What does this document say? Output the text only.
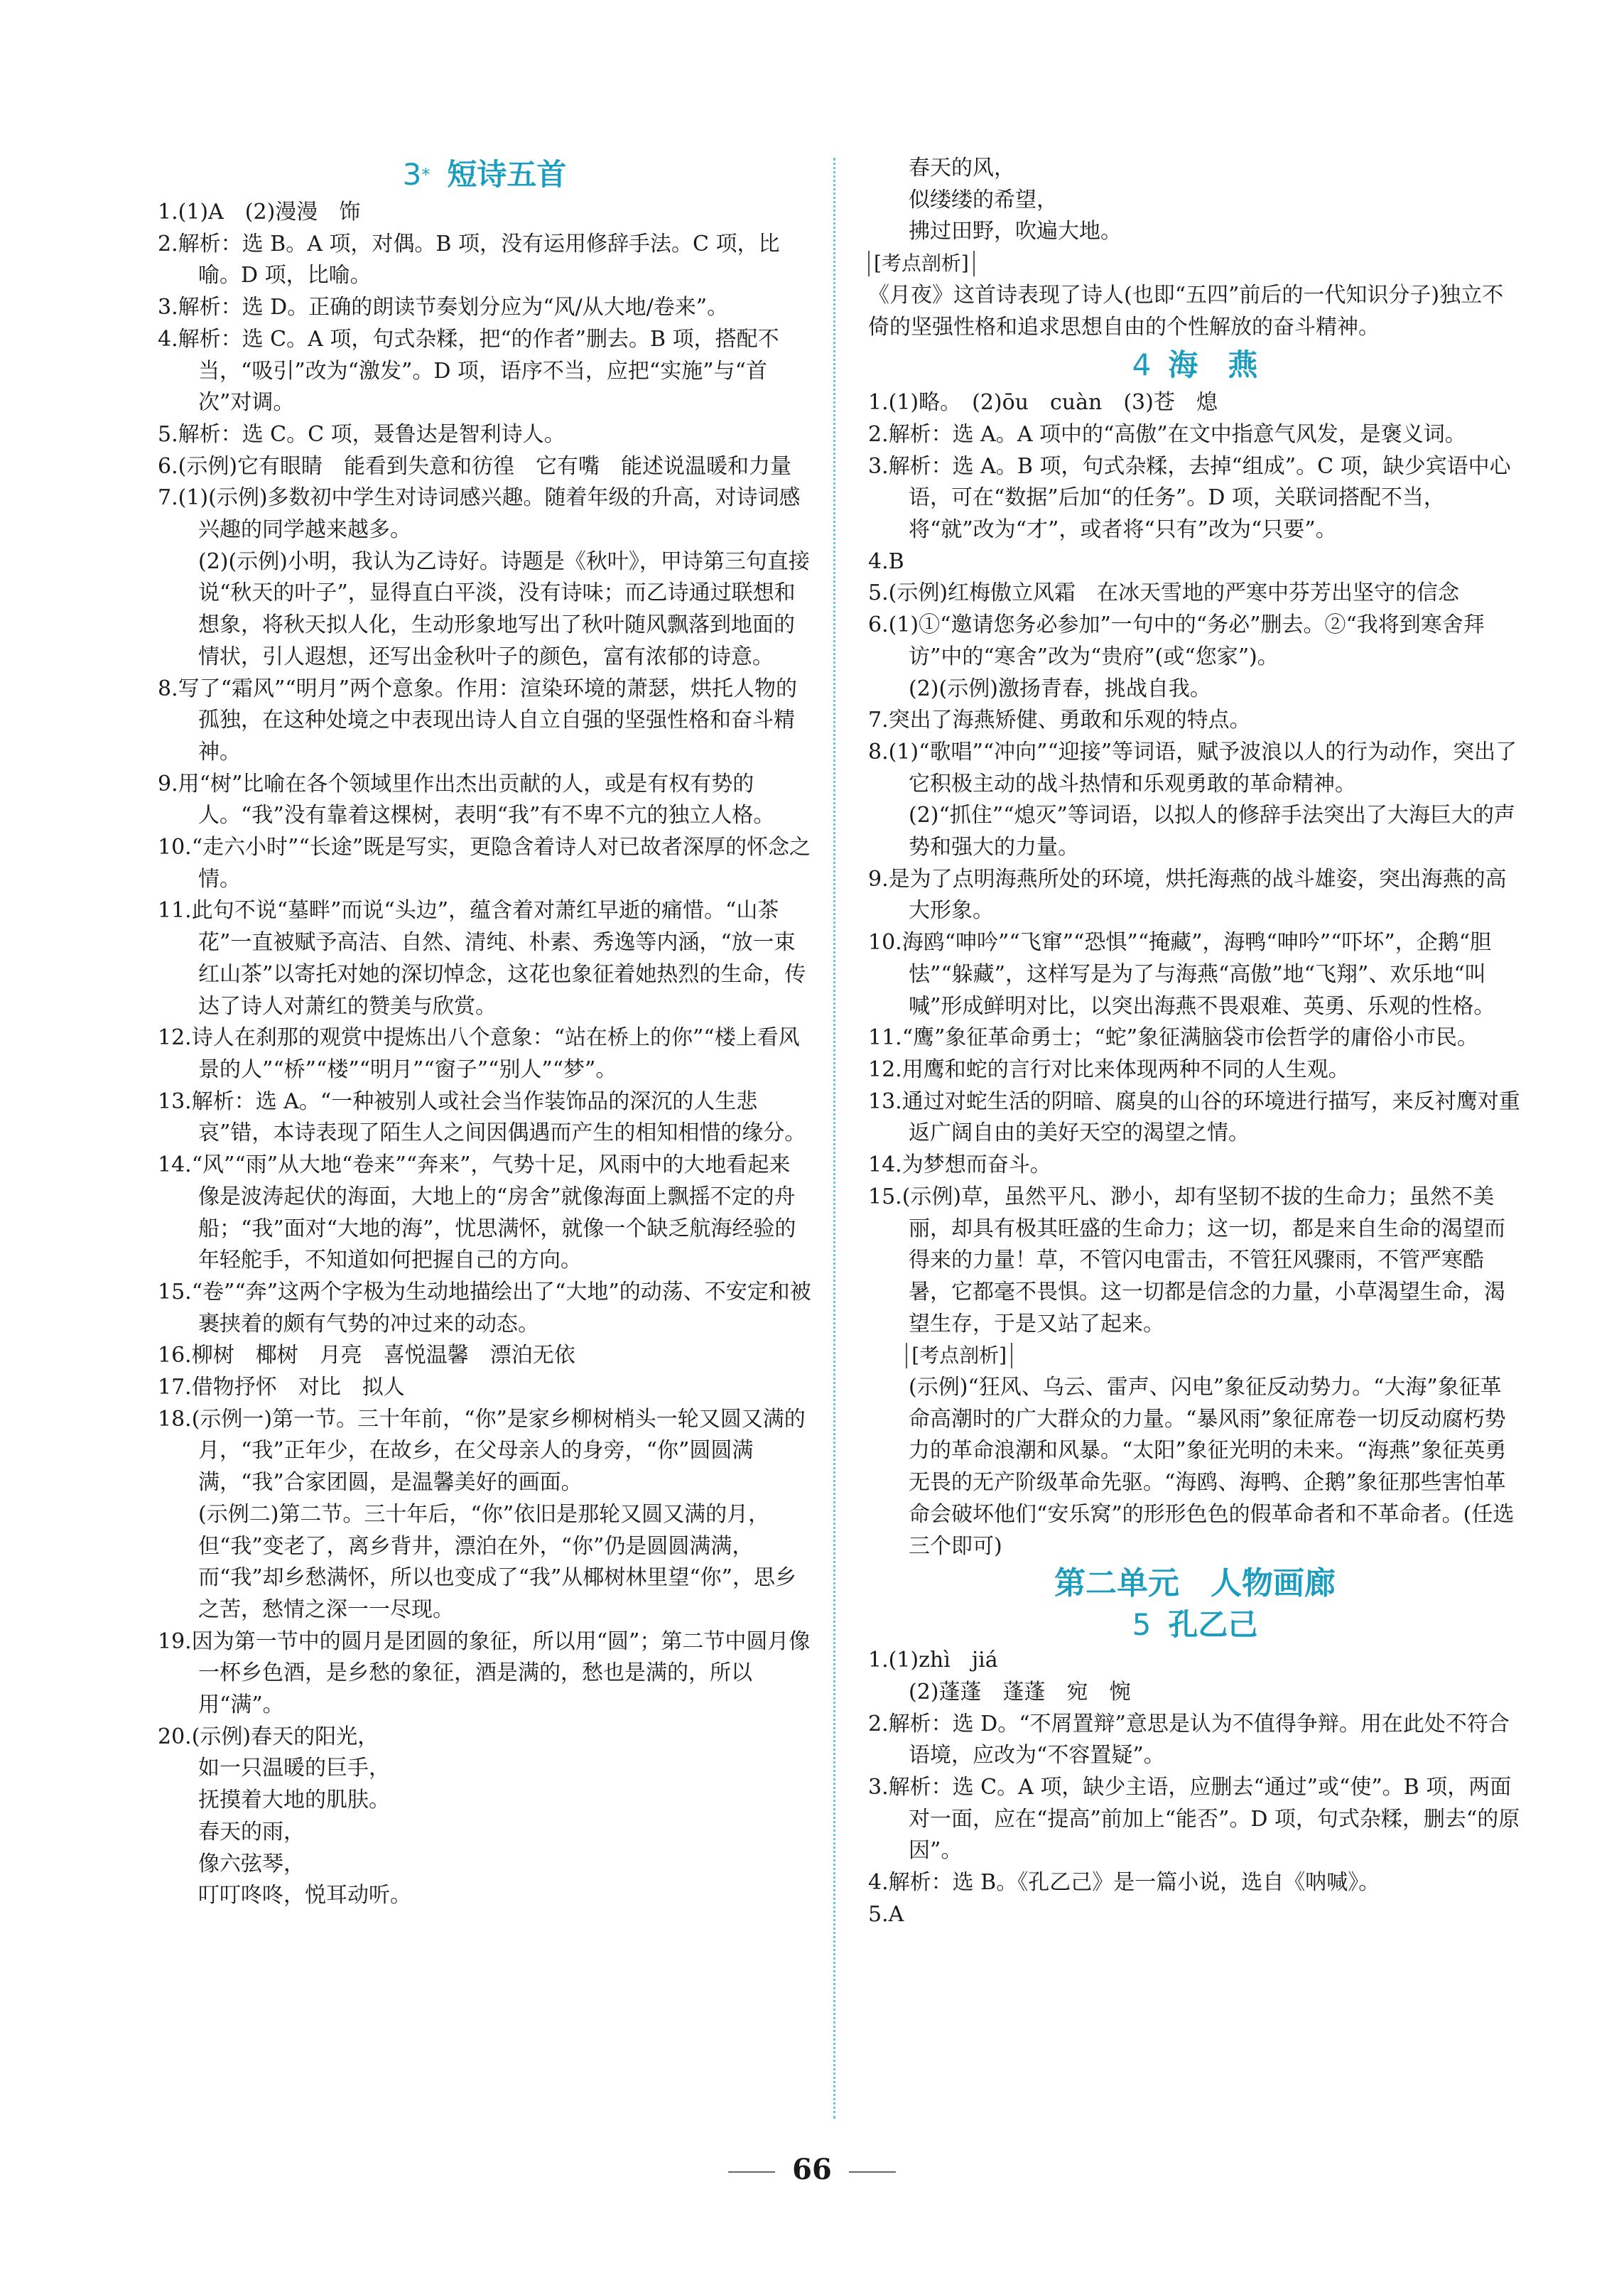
3* 短诗五首

1.(1)A　(2)漫漫　饰

2.解析：选 B。A 项，对偶。B 项，没有运用修辞手法。C 项，比喻。D 项，比喻。

3.解析：选 D。正确的朗读节奏划分应为“风/从大地/卷来”。

4.解析：选 C。A 项，句式杂糅，把“的作者”删去。B 项，搭配不当，“吸引”改为“激发”。D 项，语序不当，应把“实施”与“首次”对调。

5.解析：选 C。C 项，聂鲁达是智利诗人。

6.(示例)它有眼睛　能看到失意和彷徨　它有嘴　能述说温暖和力量

7.(1)(示例)多数初中学生对诗词感兴趣。随着年级的升高，对诗词感兴趣的同学越来越多。

(2)(示例)小明，我认为乙诗好。诗题是《秋叶》，甲诗第三句直接说“秋天的叶子”，显得直白平淡，没有诗味；而乙诗通过联想和想象，将秋天拟人化，生动形象地写出了秋叶随风飘落到地面的情状，引人遐想，还写出金秋叶子的颜色，富有浓郁的诗意。

8.写了“霜风”“明月”两个意象。作用：渲染环境的萧瑟，烘托人物的孤独，在这种处境之中表现出诗人自立自强的坚强性格和奋斗精神。

9.用“树”比喻在各个领域里作出杰出贡献的人，或是有权有势的人。“我”没有靠着这棵树，表明“我”有不卑不亢的独立人格。

10.“走六小时”“长途”既是写实，更隐含着诗人对已故者深厚的怀念之情。

11.此句不说“墓畔”而说“头边”，蕴含着对萧红早逝的痛惜。“山茶花”一直被赋予高洁、自然、清纯、朴素、秀逸等内涵，“放一束红山茶”以寄托对她的深切悼念，这花也象征着她热烈的生命，传达了诗人对萧红的赞美与欣赏。

12.诗人在刹那的观赏中提炼出八个意象：“站在桥上的你”“楼上看风景的人”“桥”“楼”“明月”“窗子”“别人”“梦”。

13.解析：选 A。“一种被别人或社会当作装饰品的深沉的人生悲哀”错，本诗表现了陌生人之间因偶遇而产生的相知相惜的缘分。

14.“风”“雨”从大地“卷来”“奔来”，气势十足，风雨中的大地看起来像是波涛起伏的海面，大地上的“房舍”就像海面上飘摇不定的舟船；“我”面对“大地的海”，忧思满怀，就像一个缺乏航海经验的年轻舵手，不知道如何把握自己的方向。

15.“卷”“奔”这两个字极为生动地描绘出了“大地”的动荡、不安定和被裹挟着的颇有气势的冲过来的动态。

16.柳树　椰树　月亮　喜悦温馨　漂泊无依

17.借物抒怀　对比　拟人

18.(示例一)第一节。三十年前，“你”是家乡柳树梢头一轮又圆又满的月，“我”正年少，在故乡，在父母亲人的身旁，“你”圆圆满满，“我”合家团圆，是温馨美好的画面。

(示例二)第二节。三十年后，“你”依旧是那轮又圆又满的月，但“我”变老了，离乡背井，漂泊在外，“你”仍是圆圆满满，而“我”却乡愁满怀，所以也变成了“我”从椰树林里望“你”，思乡之苦，愁情之深一一尽现。

19.因为第一节中的圆月是团圆的象征，所以用“圆”；第二节中圆月像一杯乡色酒，是乡愁的象征，酒是满的，愁也是满的，所以用“满”。

20.(示例)春天的阳光，

如一只温暖的巨手，

抚摸着大地的肌肤。

春天的雨，

像六弦琴，

叮叮咚咚，悦耳动听。

春天的风，

似缕缕的希望，

拂过田野，吹遍大地。

[考点剖析]

《月夜》这首诗表现了诗人(也即“五四”前后的一代知识分子)独立不倚的坚强性格和追求思想自由的个性解放的奋斗精神。

4 海　燕

1.(1)略。　(2)ōu　cuàn　(3)苍　熄

2.解析：选 A。A 项中的“高傲”在文中指意气风发，是褒义词。

3.解析：选 A。B 项，句式杂糅，去掉“组成”。C 项，缺少宾语中心语，可在“数据”后加“的任务”。D 项，关联词搭配不当，将“就”改为“才”，或者将“只有”改为“只要”。

4.B

5.(示例)红梅傲立风霜　在冰天雪地的严寒中芬芳出坚守的信念

6.(1)①“邀请您务必参加”一句中的“务必”删去。②“我将到寒舍拜访”中的“寒舍”改为“贵府”(或“您家”)。

(2)(示例)激扬青春，挑战自我。

7.突出了海燕矫健、勇敢和乐观的特点。

8.(1)“歌唱”“冲向”“迎接”等词语，赋予波浪以人的行为动作，突出了它积极主动的战斗热情和乐观勇敢的革命精神。

(2)“抓住”“熄灭”等词语，以拟人的修辞手法突出了大海巨大的声势和强大的力量。

9.是为了点明海燕所处的环境，烘托海燕的战斗雄姿，突出海燕的高大形象。

10.海鸥“呻吟”“飞窜”“恐惧”“掩藏”，海鸭“呻吟”“吓坏”，企鹅“胆怯”“躲藏”，这样写是为了与海燕“高傲”地“飞翔”、欢乐地“叫喊”形成鲜明对比，以突出海燕不畏艰难、英勇、乐观的性格。

11.“鹰”象征革命勇士；“蛇”象征满脑袋市侩哲学的庸俗小市民。

12.用鹰和蛇的言行对比来体现两种不同的人生观。

13.通过对蛇生活的阴暗、腐臭的山谷的环境进行描写，来反衬鹰对重返广阔自由的美好天空的渴望之情。

14.为梦想而奋斗。

15.(示例)草，虽然平凡、渺小，却有坚韧不拔的生命力；虽然不美丽，却具有极其旺盛的生命力；这一切，都是来自生命的渴望而得来的力量！草，不管闪电雷击，不管狂风骤雨，不管严寒酷暑，它都毫不畏惧。这一切都是信念的力量，小草渴望生命，渴望生存，于是又站了起来。

[考点剖析]

(示例)“狂风、乌云、雷声、闪电”象征反动势力。“大海”象征革命高潮时的广大群众的力量。“暴风雨”象征席卷一切反动腐朽势力的革命浪潮和风暴。“太阳”象征光明的未来。“海燕”象征英勇无畏的无产阶级革命先驱。“海鸥、海鸭、企鹅”象征那些害怕革命会破坏他们“安乐窝”的形形色色的假革命者和不革命者。(任选三个即可)

第二单元　人物画廊
5 孔乙己

1.(1)zhì　jiá

(2)蓬蓬　蓬蓬　宛　惋

2.解析：选 D。“不屑置辩”意思是认为不值得争辩。用在此处不符合语境，应改为“不容置疑”。

3.解析：选 C。A 项，缺少主语，应删去“通过”或“使”。B 项，两面对一面，应在“提高”前加上“能否”。D 项，句式杂糅，删去“的原因”。

4.解析：选 B。《孔乙己》是一篇小说，选自《呐喊》。

5.A

66
